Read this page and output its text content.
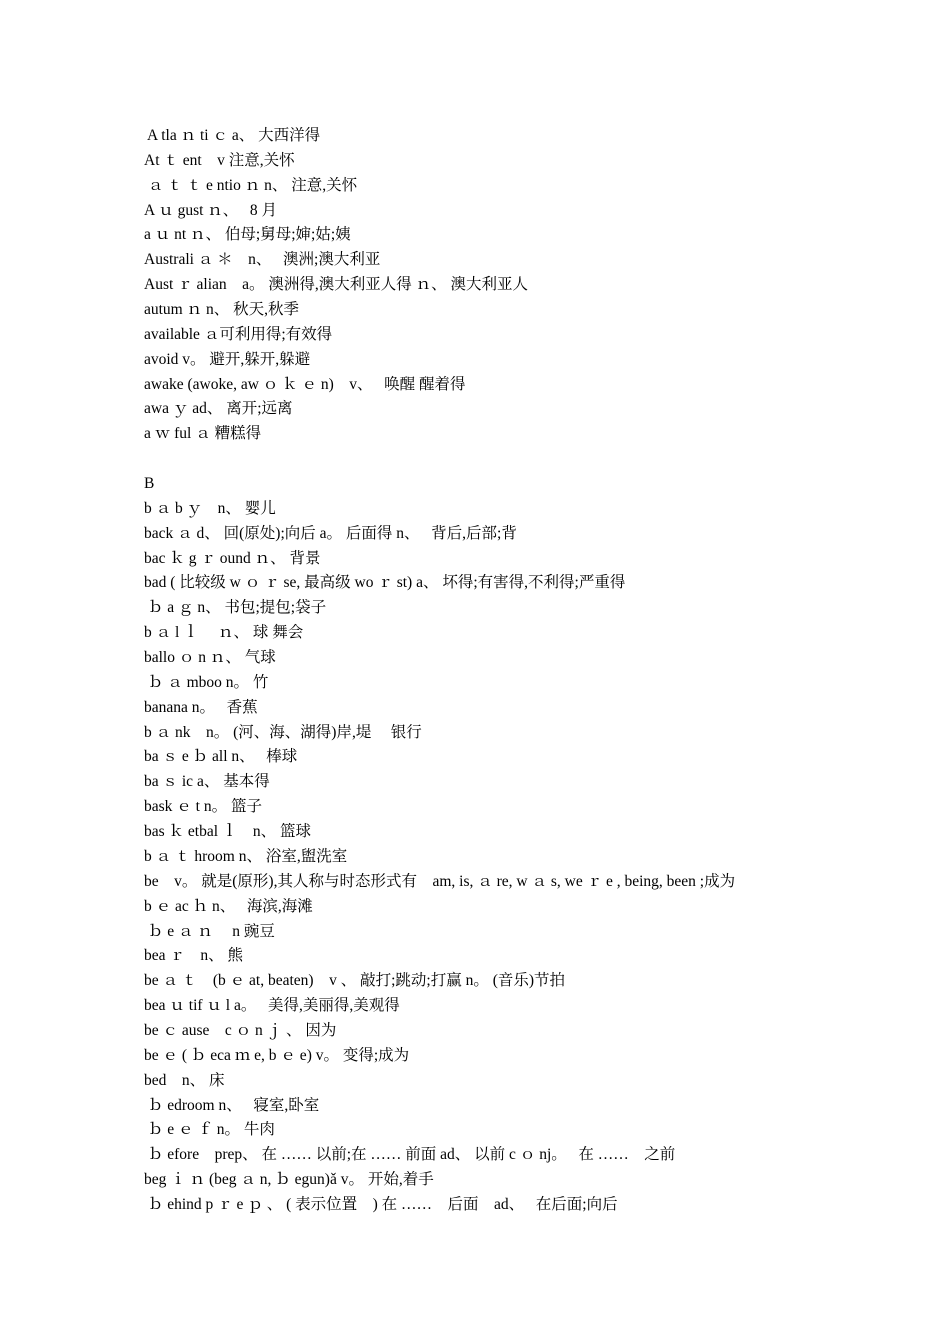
A tla ｎ ti ｃ a、 大西洋得
At ｔ ent　v 注意,关怀
ａ ｔ ｔ e ntio ｎ n、 注意,关怀
A ｕ gust ｎ、　 8 月
a ｕ nt ｎ、 伯母;舅母;婶;姑;姨
Australi ａ ＊　n、　 澳洲;澳大利亚
Aust ｒ alian　a。 澳洲得,澳大利亚人得 ｎ、 澳大利亚人
autum ｎ n、 秋天,秋季
available ａ可利用得;有效得
avoid v。 避开,躲开,躲避
awake (awoke, aw ｏ ｋ ｅ n)　v、　 唤醒 醒着得
awa ｙ ad、 离开;远离
a ｗ ful ａ 糟糕得
B
b ａ b ｙ　n、 婴儿
back ａ d、 回(原处);向后 a。 后面得 n、　 背后,后部;背
bac ｋ g ｒ ound ｎ、 背景
bad ( 比较级 w ｏ ｒ se, 最高级 wo ｒ st) a、 坏得;有害得,不利得;严重得
ｂ a ｇ n、 书包;提包;袋子
b ａ l ｌ　 ｎ、 球 舞会
ballo ｏ n ｎ、 气球
ｂ ａ mboo n。 竹
banana n。　 香蕉
b ａ nk　n。 (河、海、湖得)岸,堤　 银行
ba ｓ e ｂ all n、　 棒球
ba ｓ ic a、 基本得
bask ｅ t n。 篮子
bas ｋ etbal ｌ　n、 篮球
b ａ ｔ hroom n、 浴室,盥洗室
be　v。 就是(原形),其人称与时态形式有　am, is, ａ re, w ａ s, we ｒ e , being, been ;成为
b ｅ ac ｈ n、　 海滨,海滩
ｂ e ａ ｎ　 n 豌豆
bea ｒ　n、 熊
be ａ ｔ　(b ｅ at, beaten)　v 、 敲打;跳动;打赢 n。 (音乐)节拍
bea ｕ tif ｕ l a。　 美得,美丽得,美观得
be ｃ ause　c ｏ n ｊ 、 因为
be ｅ ( ｂ eca ｍ e, b ｅ e) v。 变得;成为
bed　n、 床
ｂ edroom n、　 寝室,卧室
ｂ e ｅ ｆ n。 牛肉
ｂ efore　prep、 在 …… 以前;在 …… 前面 ad、 以前 c ｏ nj。　 在 ……　之前
beg ｉ ｎ (beg ａ n, ｂ egun)ǎ v。 开始,着手
ｂ ehind p ｒ e ｐ 、 ( 表示位置　) 在 ……　后面　ad、　 在后面;向后
